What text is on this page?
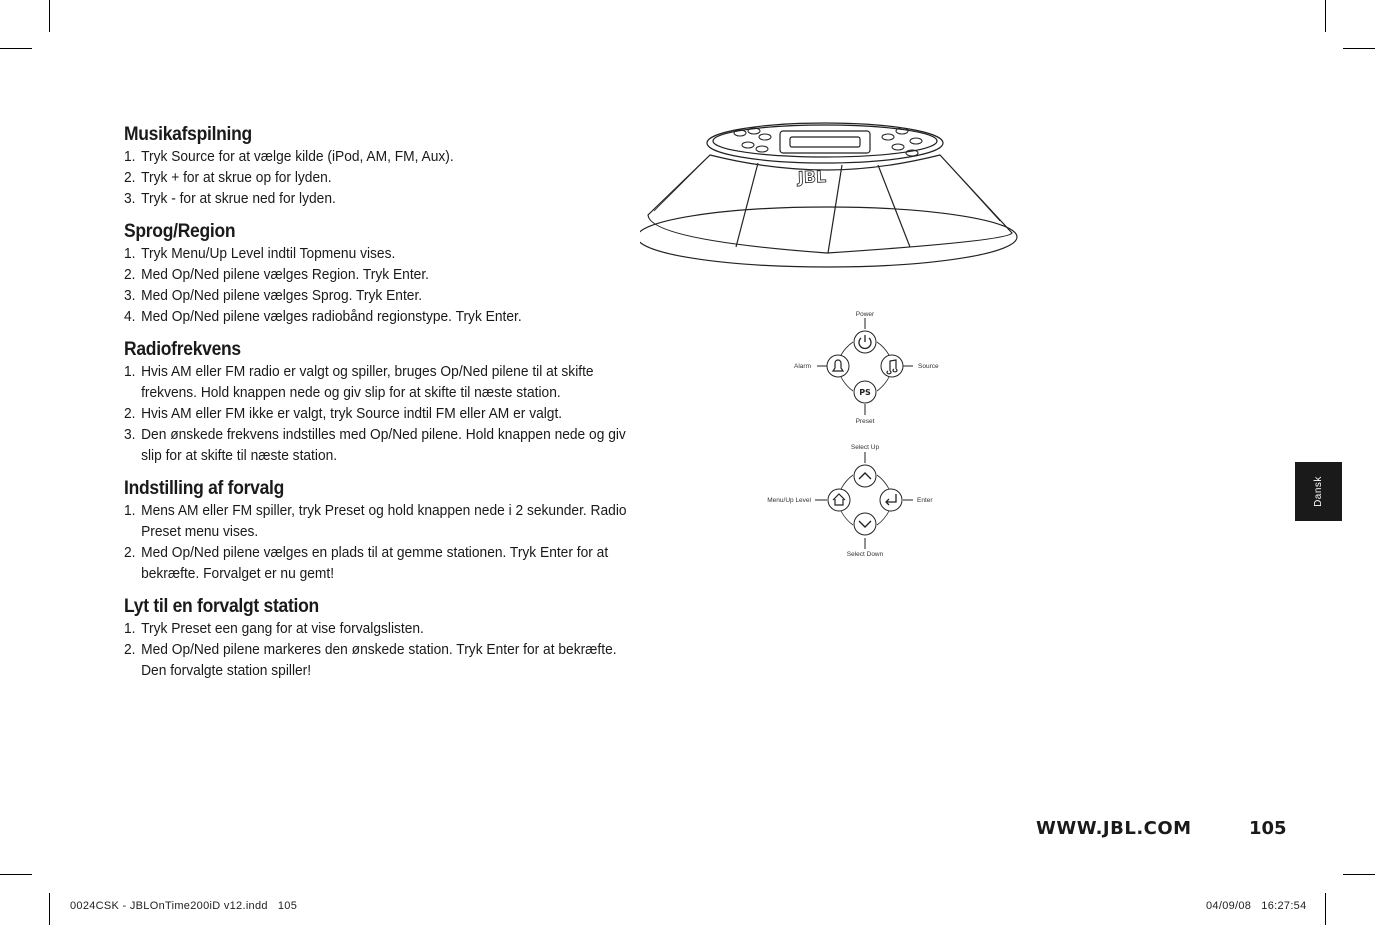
Musikafspilning
1. Tryk Source for at vælge kilde (iPod, AM, FM, Aux).
2. Tryk + for at skrue op for lyden.
3. Tryk - for at skrue ned for lyden.
Sprog/Region
1. Tryk Menu/Up Level indtil Topmenu vises.
2. Med Op/Ned pilene vælges Region. Tryk Enter.
3. Med Op/Ned pilene vælges Sprog. Tryk Enter.
4. Med Op/Ned pilene vælges radiobånd regionstype. Tryk Enter.
Radiofrekvens
1. Hvis AM eller FM radio er valgt og spiller, bruges Op/Ned pilene til at skifte frekvens. Hold knappen nede og giv slip for at skifte til næste station.
2. Hvis AM eller FM ikke er valgt, tryk Source indtil FM eller AM er valgt.
3. Den ønskede frekvens indstilles med Op/Ned pilene. Hold knappen nede og giv slip for at skifte til næste station.
Indstilling af forvalg
1. Mens AM eller FM spiller, tryk Preset og hold knappen nede i 2 sekunder. Radio Preset menu vises.
2. Med Op/Ned pilene vælges en plads til at gemme stationen. Tryk Enter for at bekræfte. Forvalget er nu gemt!
Lyt til en forvalgt station
1. Tryk Preset een gang for at vise forvalgslisten.
2. Med Op/Ned pilene markeres den ønskede station. Tryk Enter for at bekræfte. Den forvalgte station spiller!
JBL
Power
Alarm	Source
Preset
PS
Select Up
Menu/Up Level	Enter
Select Down
Dansk
WWW.JBL.COM	105
0024CSK - JBLOnTime200iD v12.indd   105	04/09/08   16:27:54
